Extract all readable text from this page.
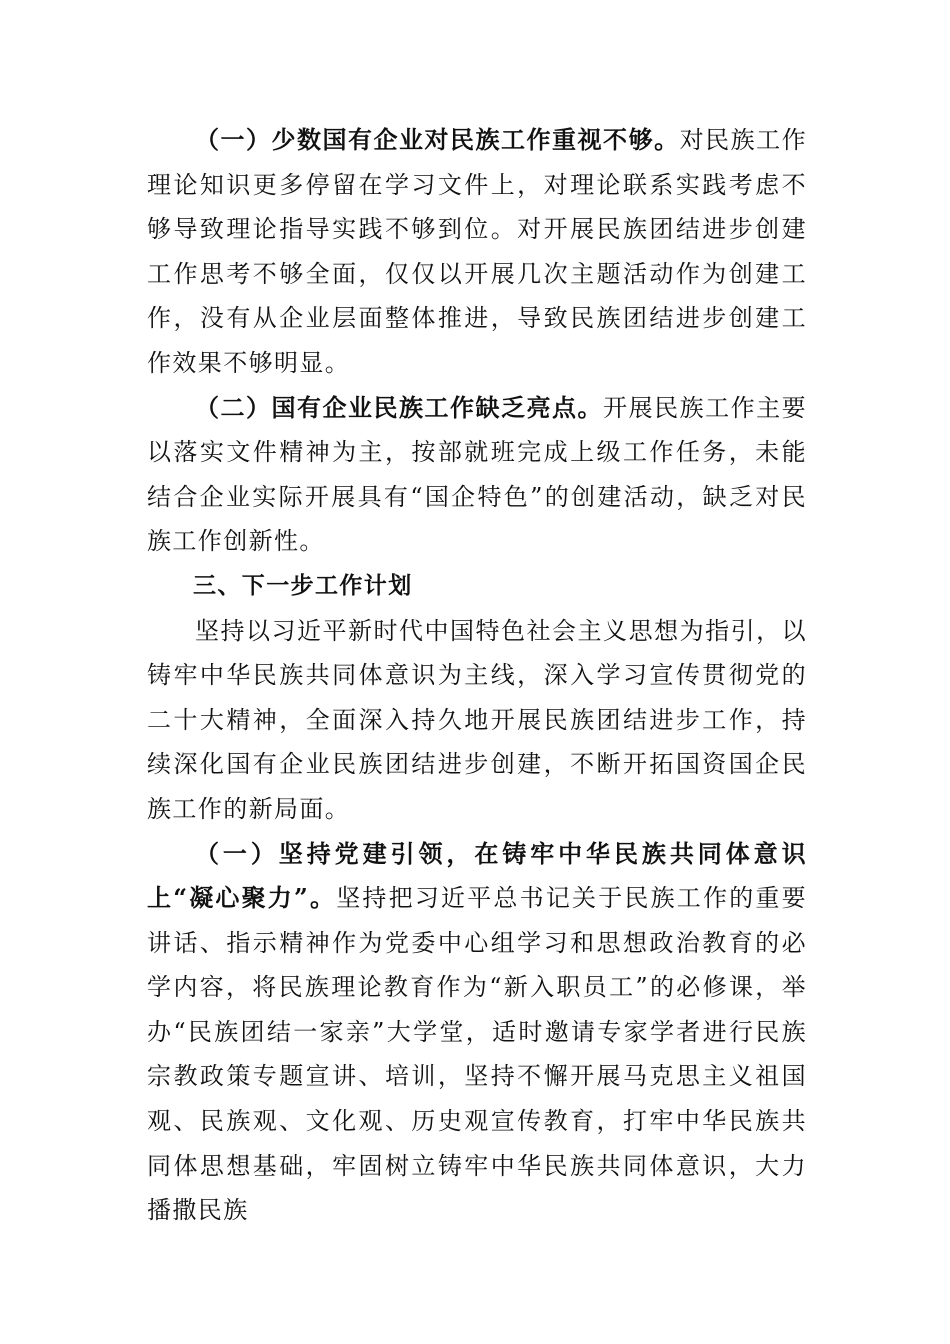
（一）少数国有企业对民族工作重视不够。对民族工作理论知识更多停留在学习文件上，对理论联系实践考虑不够导致理论指导实践不够到位。对开展民族团结进步创建工作思考不够全面，仅仅以开展几次主题活动作为创建工作，没有从企业层面整体推进，导致民族团结进步创建工作效果不够明显。

（二）国有企业民族工作缺乏亮点。开展民族工作主要以落实文件精神为主，按部就班完成上级工作任务，未能结合企业实际开展具有“国企特色”的创建活动，缺乏对民族工作创新性。

三、下一步工作计划

坚持以习近平新时代中国特色社会主义思想为指引，以铸牢中华民族共同体意识为主线，深入学习宣传贯彻党的二十大精神，全面深入持久地开展民族团结进步工作，持续深化国有企业民族团结进步创建，不断开拓国资国企民族工作的新局面。

（一）坚持党建引领，在铸牢中华民族共同体意识上“凝心聚力”。坚持把习近平总书记关于民族工作的重要讲话、指示精神作为党委中心组学习和思想政治教育的必学内容，将民族理论教育作为“新入职员工”的必修课，举办“民族团结一家亲”大学堂，适时邀请专家学者进行民族宗教政策专题宣讲、培训，坚持不懈开展马克思主义祖国观、民族观、文化观、历史观宣传教育，打牢中华民族共同体思想基础，牢固树立铸牢中华民族共同体意识，大力播撒民族
